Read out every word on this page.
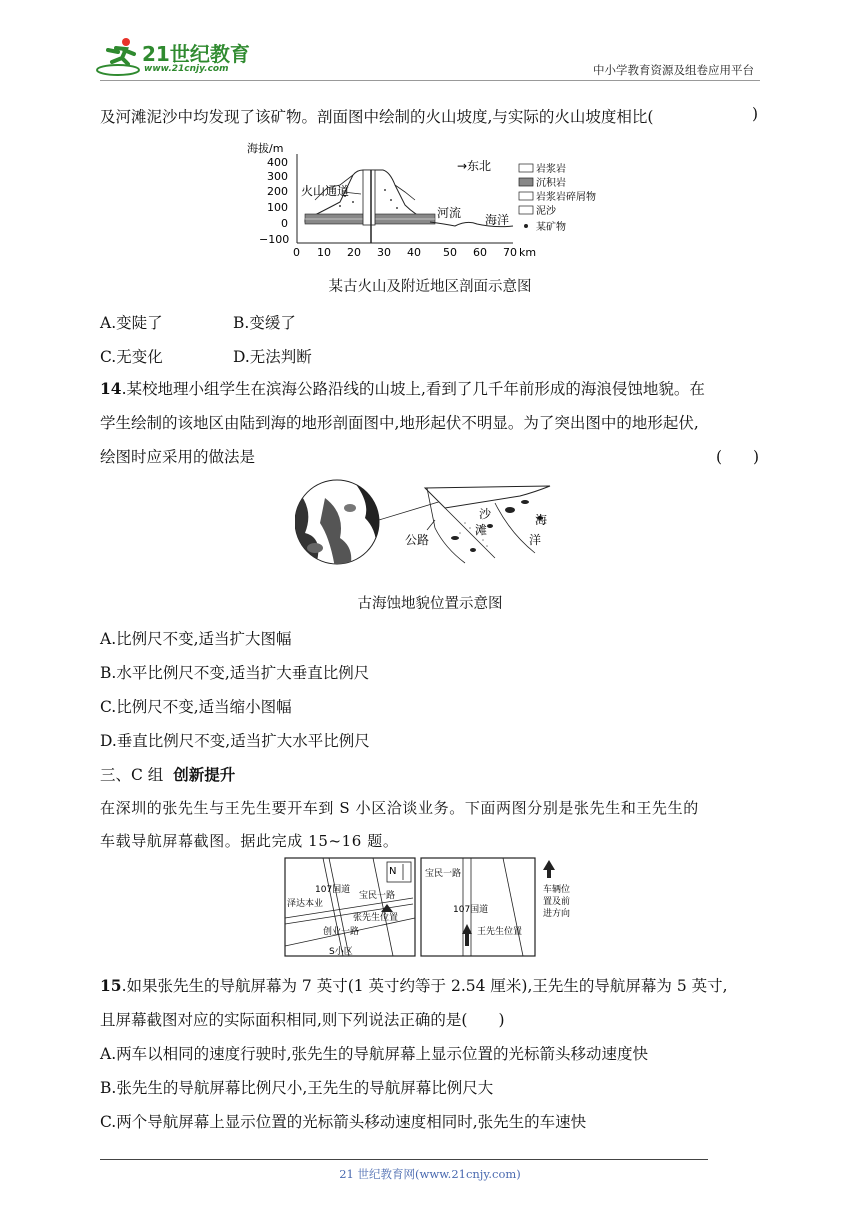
21世纪教育
www.21cnjy.com	中小学教育资源及组卷应用平台
及河滩泥沙中均发现了该矿物。剖面图中绘制的火山坡度,与实际的火山坡度相比(	)
海拔/m
400
300
200
100
0
−100
0 10 20 30 40 50 60 70 km
火山通道
→东北
河流 海洋
岩浆岩
沉积岩
岩浆岩碎屑物
泥沙
某矿物
某古火山及附近地区剖面示意图
A.变陡了	B.变缓了
C.无变化	D.无法判断
14.某校地理小组学生在滨海公路沿线的山坡上,看到了几千年前形成的海浪侵蚀地貌。在
学生绘制的该地区由陆到海的地形剖面图中,地形起伏不明显。为了突出图中的地形起伏,
绘图时应采用的做法是	(　　)
沙
滩
公路
海
洋
古海蚀地貌位置示意图
A.比例尺不变,适当扩大图幅
B.水平比例尺不变,适当扩大垂直比例尺
C.比例尺不变,适当缩小图幅
D.垂直比例尺不变,适当扩大水平比例尺
三、C 组 创新提升
在深圳的张先生与王先生要开车到 S 小区洽谈业务。下面两图分别是张先生和王先生的
车载导航屏幕截图。据此完成 15~16 题。
N
107国道
宝民一路
泽达本业
张先生位置
创业一路
S小区
宝民一路
107国道
王先生位置
车辆位
置及前
进方向
15.如果张先生的导航屏幕为 7 英寸(1 英寸约等于 2.54 厘米),王先生的导航屏幕为 5 英寸,
且屏幕截图对应的实际面积相同,则下列说法正确的是(　　)
A.两车以相同的速度行驶时,张先生的导航屏幕上显示位置的光标箭头移动速度快
B.张先生的导航屏幕比例尺小,王先生的导航屏幕比例尺大
C.两个导航屏幕上显示位置的光标箭头移动速度相同时,张先生的车速快
21 世纪教育网(www.21cnjy.com)
